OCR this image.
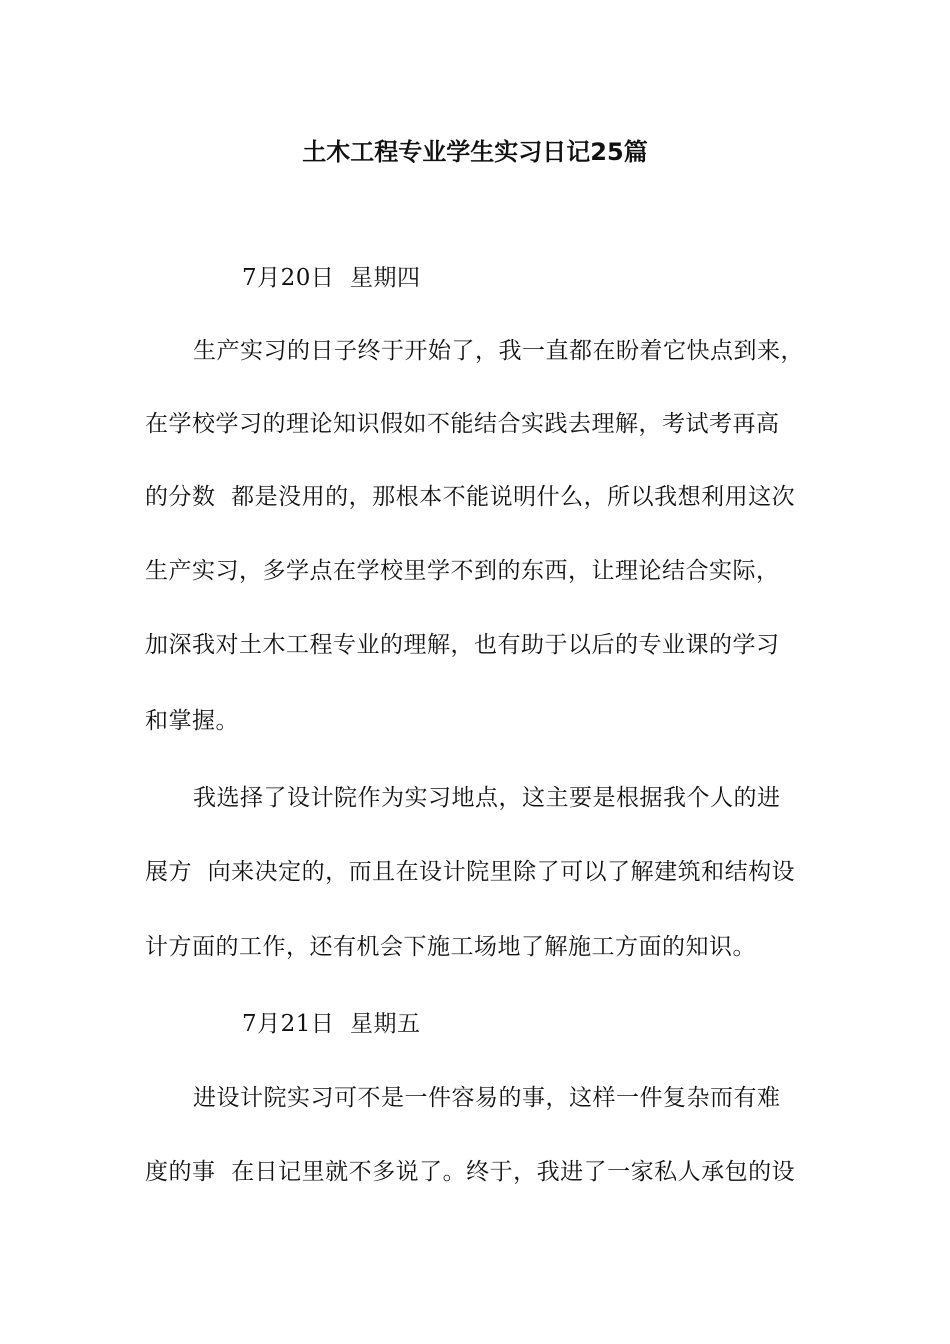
土木工程专业学生实习日记25篇
7月20日  星期四
生产实习的日子终于开始了，我一直都在盼着它快点到来，
在学校学习的理论知识假如不能结合实践去理解，考试考再高
的分数  都是没用的，那根本不能说明什么，所以我想利用这次
生产实习，多学点在学校里学不到的东西，让理论结合实际，
加深我对土木工程专业的理解，也有助于以后的专业课的学习
和掌握。
我选择了设计院作为实习地点，这主要是根据我个人的进
展方  向来决定的，而且在设计院里除了可以了解建筑和结构设
计方面的工作，还有机会下施工场地了解施工方面的知识。
7月21日  星期五
进设计院实习可不是一件容易的事，这样一件复杂而有难
度的事  在日记里就不多说了。终于，我进了一家私人承包的设
